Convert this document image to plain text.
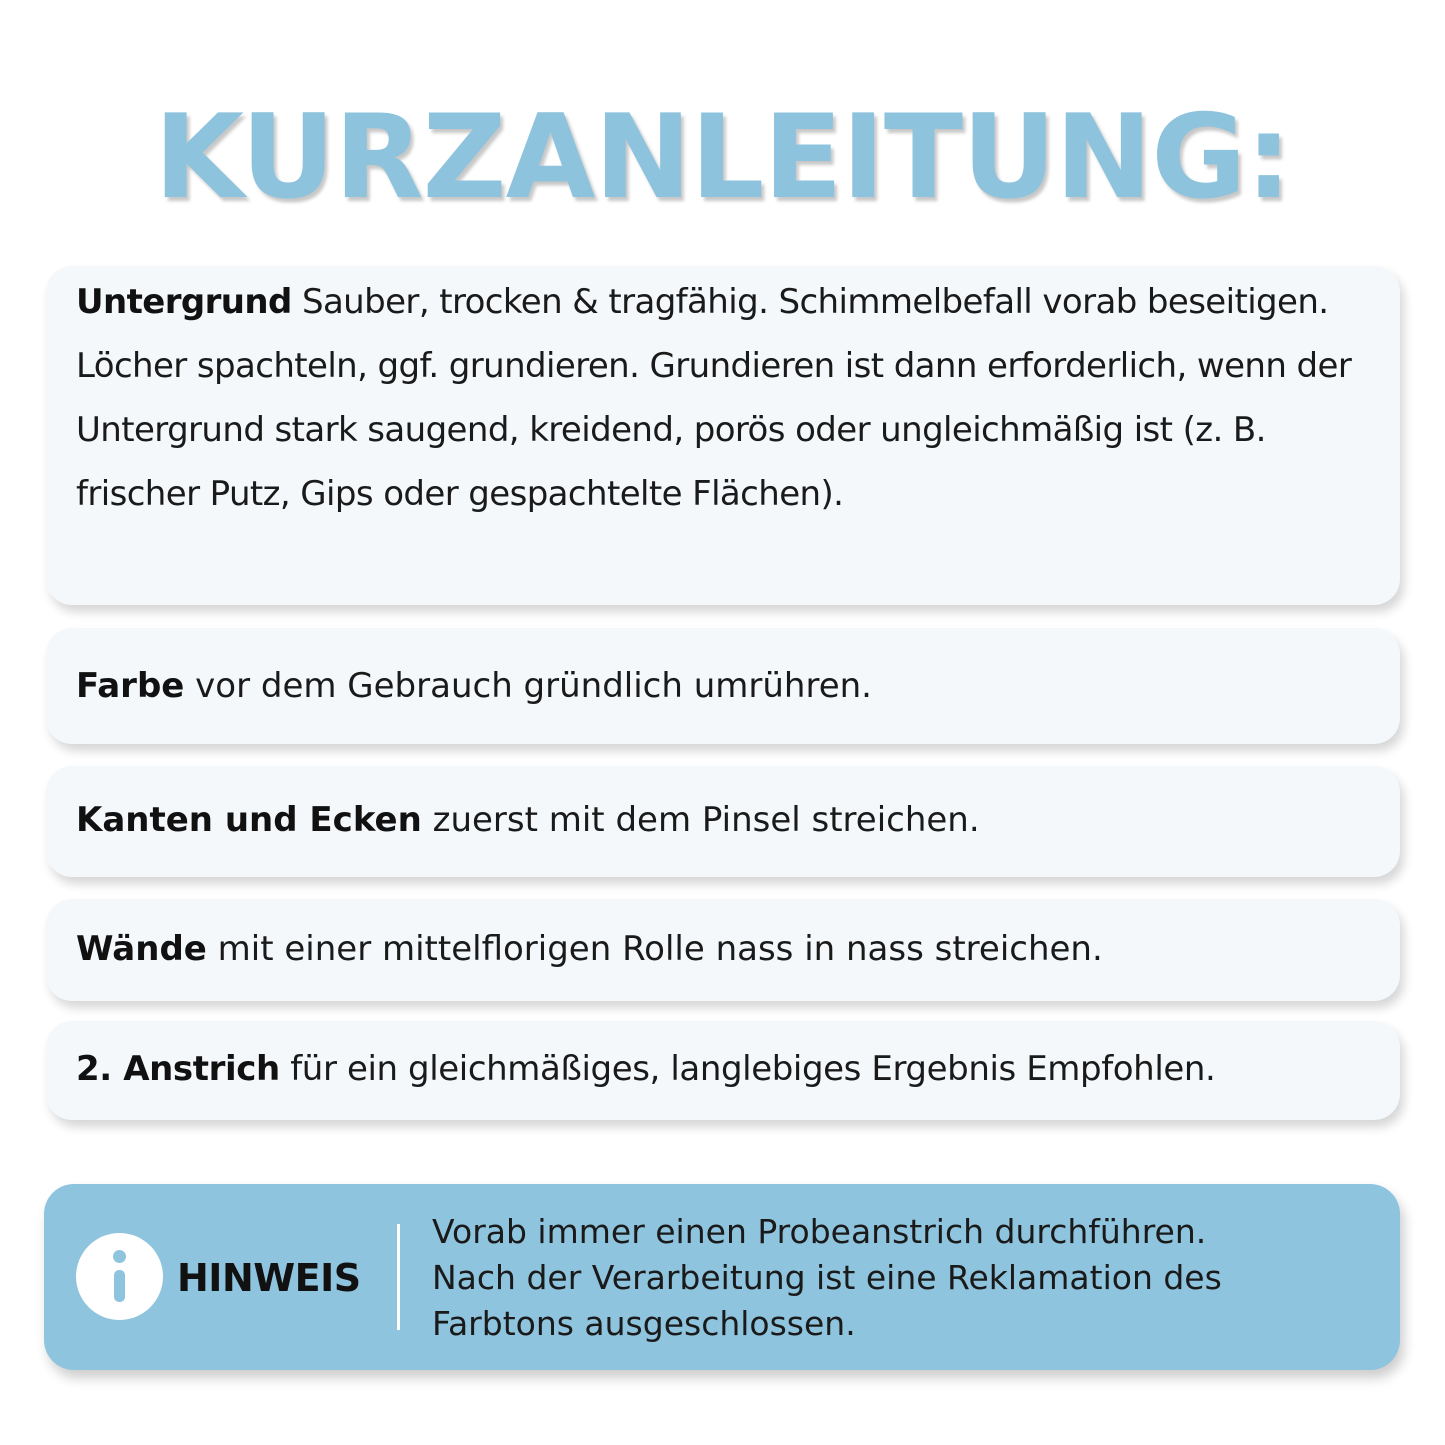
KURZANLEITUNG:

Untergrund Sauber, trocken & tragfähig. Schimmelbefall vorab beseitigen. Löcher spachteln, ggf. grundieren. Grundieren ist dann erforderlich, wenn der Untergrund stark saugend, kreidend, porös oder ungleichmäßig ist (z. B. frischer Putz, Gips oder gespachtelte Flächen).

Farbe vor dem Gebrauch gründlich umrühren.

Kanten und Ecken zuerst mit dem Pinsel streichen.

Wände mit einer mittelflorigen Rolle nass in nass streichen.

2. Anstrich für ein gleichmäßiges, langlebiges Ergebnis Empfohlen.

HINWEIS
Vorab immer einen Probeanstrich durchführen.
Nach der Verarbeitung ist eine Reklamation des
Farbtons ausgeschlossen.
